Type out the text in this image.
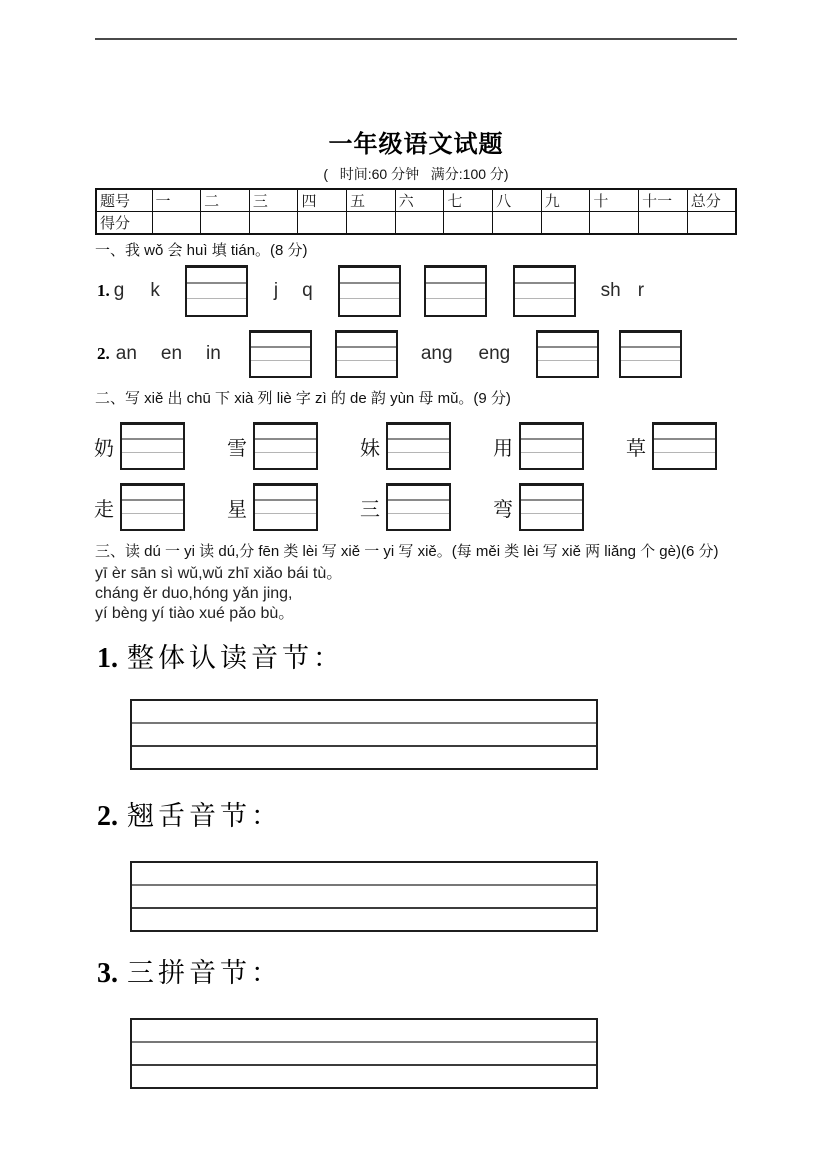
一年级语文试题
(   时间:60 分钟   满分:100 分)
题号	一	二	三	四	五	六	七	八	九	十	十一	总分
得分												
一、我 wǒ 会 huì 填 tián。(8 分)
1. g k	j q	sh r
2. an en in	ang eng
二、写 xiě 出 chū 下 xià 列 liè 字 zì 的 de 韵 yùn 母 mǔ。(9 分)
奶	雪	妹	用	草
走	星	三	弯
三、读 dú 一 yi 读 dú,分 fēn 类 lèi 写 xiě 一 yi 写 xiě。(每 měi 类 lèi 写 xiě 两 liǎng 个 gè)(6 分)
yī èr sān sì wǔ,wǔ zhī xiǎo bái tù。
cháng ěr duo,hóng yǎn jing,
yí bèng yí tiào xué pǎo bù。
1. 整体认读音节：
2. 翘舌音节：
3. 三拼音节：
